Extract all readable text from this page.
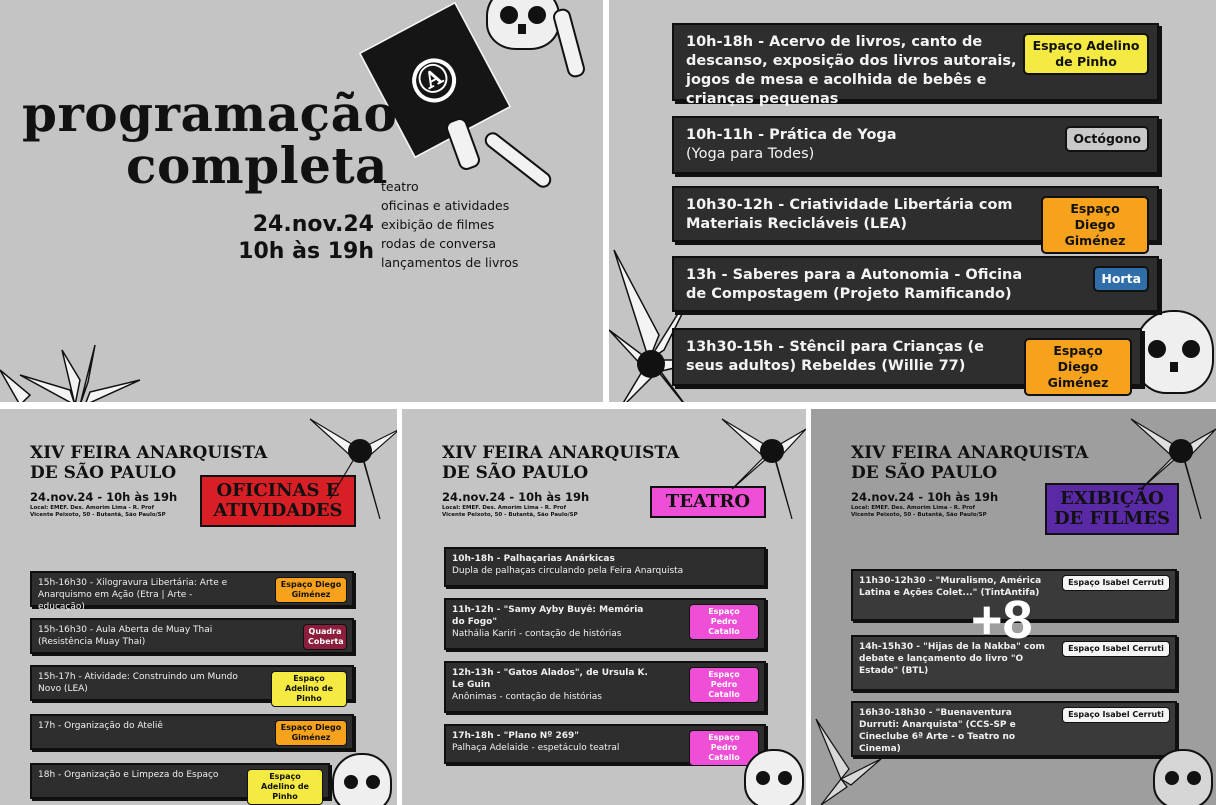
Ⓐ
programação
completa
24.nov.24
10h às 19h
teatro
oficinas e atividades
exibição de filmes
rodas de conversa
lançamentos de livros
10h-18h - Acervo de livros, canto de descanso, exposição dos livros autorais, jogos de mesa e acolhida de bebês e crianças pequenas
Espaço Adelino de Pinho
10h-11h - Prática de Yoga
(Yoga para Todes)
Octógono
10h30-12h - Criatividade Libertária com Materiais Recicláveis (LEA)
Espaço Diego Giménez
13h - Saberes para a Autonomia - Oficina de Compostagem (Projeto Ramificando)
Horta
13h30-15h - Stêncil para Crianças (e seus adultos) Rebeldes (Willie 77)
Espaço Diego Giménez
XIV FEIRA ANARQUISTA
DE SÃO PAULO
24.nov.24 - 10h às 19h
Local: EMEF. Des. Amorim Lima - R. Prof
Vicente Peixoto, 50 - Butantã, São Paulo/SP
OFICINAS E ATIVIDADES
15h-16h30 - Xilogravura Libertária: Arte e Anarquismo em Ação (Etra | Arte - educação)
Espaço Diego Giménez
15h-16h30 - Aula Aberta de Muay Thai (Resistência Muay Thai)
Quadra Coberta
15h-17h - Atividade: Construindo um Mundo Novo (LEA)
Espaço Adelino de Pinho
17h - Organização do Ateliê	Espaço Diego Giménez
18h - Organização e Limpeza do Espaço	Espaço Adelino de Pinho
XIV FEIRA ANARQUISTA
DE SÃO PAULO
24.nov.24 - 10h às 19h
Local: EMEF. Des. Amorim Lima - R. Prof
Vicente Peixoto, 50 - Butantã, São Paulo/SP
TEATRO
10h-18h - Palhaçarias Anárkicas
Dupla de palhaças circulando pela Feira Anarquista
11h-12h - "Samy Ayby Buyê: Memória do Fogo"
Nathália Kariri - contação de histórias
Espaço Pedro Catallo
12h-13h - "Gatos Alados", de Ursula K. Le Guin
Anônimas - contação de histórias
Espaço Pedro Catallo
17h-18h - "Plano Nº 269"
Palhaça Adelaide - espetáculo teatral
Espaço Pedro Catallo
XIV FEIRA ANARQUISTA
DE SÃO PAULO
24.nov.24 - 10h às 19h
Local: EMEF. Des. Amorim Lima - R. Prof
Vicente Peixoto, 50 - Butantã, São Paulo/SP
EXIBIÇÃO
DE FILMES
11h30-12h30 - "Muralismo, América Latina e Ações Colet..." (TintAntifa)
Espaço Isabel Cerruti
14h-15h30 - "Hijas de la Nakba" com debate e lançamento do livro "O Estado" (BTL)
Espaço Isabel Cerruti
16h30-18h30 - "Buenaventura Durruti: Anarquista" (CCS-SP e Cineclube 6ª Arte - o Teatro no Cinema)
Espaço Isabel Cerruti
+8
